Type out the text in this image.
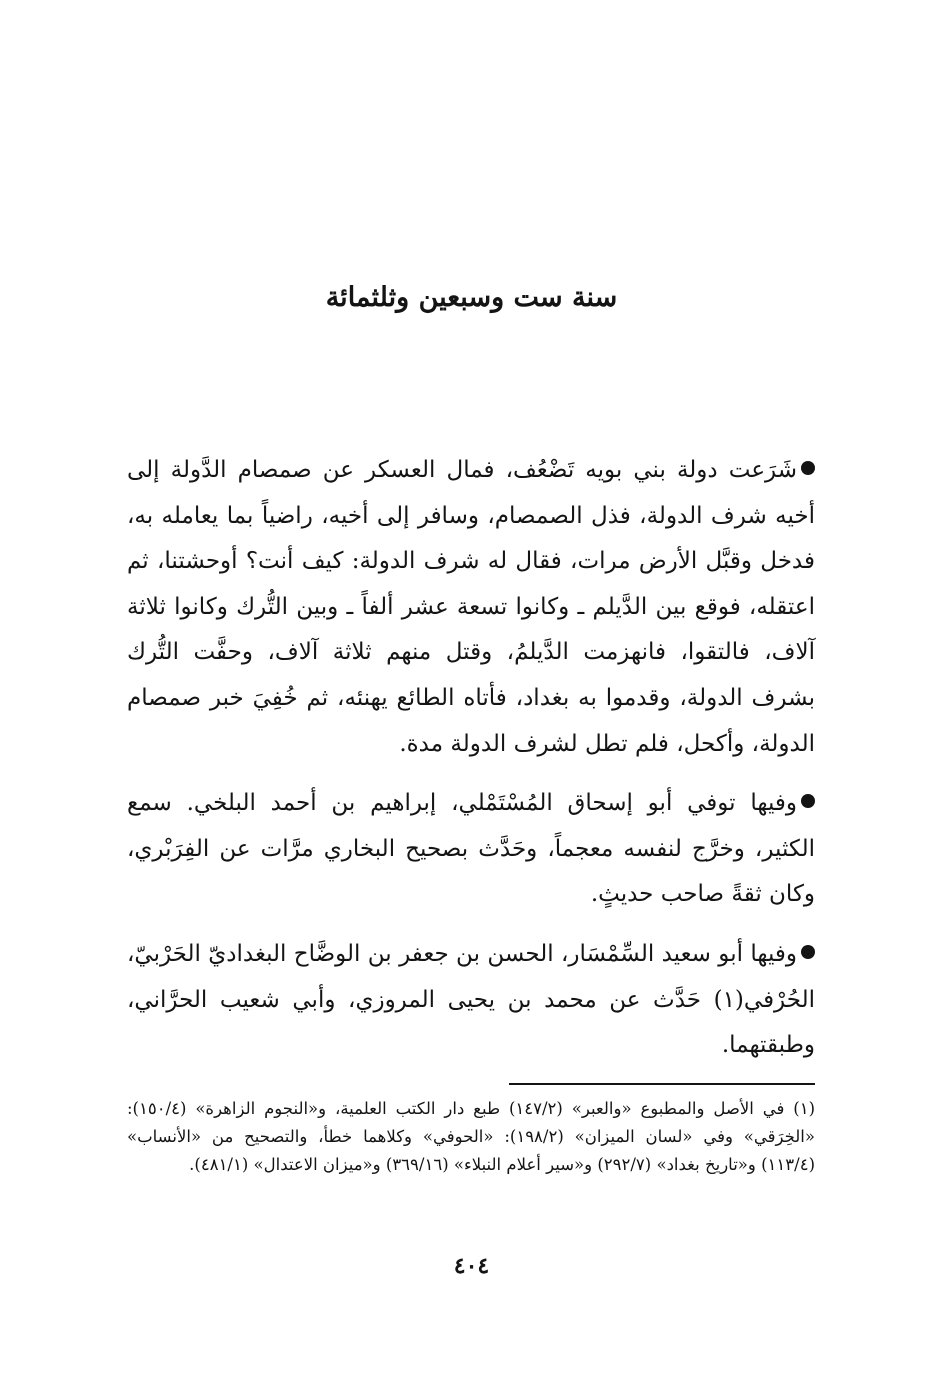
سنة ست وسبعين وثلثمائة

شَرَعت دولة بني بويه تَضْعُف، فمال العسكر عن صمصام الدَّولة إلى أخيه شرف الدولة، فذل الصمصام، وسافر إلى أخيه، راضياً بما يعامله به، فدخل وقبَّل الأرض مرات، فقال له شرف الدولة: كيف أنت؟ أوحشتنا، ثم اعتقله، فوقع بين الدَّيلم ـ وكانوا تسعة عشر ألفاً ـ وبين التُّرك وكانوا ثلاثة آلاف، فالتقوا، فانهزمت الدَّيلمُ، وقتل منهم ثلاثة آلاف، وحفَّت التُّرك بشرف الدولة، وقدموا به بغداد، فأتاه الطائع يهنئه، ثم خُفِيَ خبر صمصام الدولة، وأكحل، فلم تطل لشرف الدولة مدة.

وفيها توفي أبو إسحاق المُسْتَمْلي، إبراهيم بن أحمد البلخي. سمع الكثير، وخرَّج لنفسه معجماً، وحَدَّث بصحيح البخاري مرَّات عن الفِرَبْري، وكان ثقةً صاحب حديثٍ.

وفيها أبو سعيد السِّمْسَار، الحسن بن جعفر بن الوضَّاح البغداديّ الحَرْبيّ، الحُرْفي(١) حَدَّث عن محمد بن يحيى المروزي، وأبي شعيب الحرَّاني، وطبقتهما.

(١) في الأصل والمطبوع «والعبر» (١٤٧/٢) طبع دار الكتب العلمية، و«النجوم الزاهرة» (١٥٠/٤): «الخِرَقي» وفي «لسان الميزان» (١٩٨/٢): «الحوفي» وكلاهما خطأ، والتصحيح من «الأنساب» (١١٣/٤) و«تاريخ بغداد» (٢٩٢/٧) و«سير أعلام النبلاء» (٣٦٩/١٦) و«ميزان الاعتدال» (٤٨١/١).

٤٠٤
